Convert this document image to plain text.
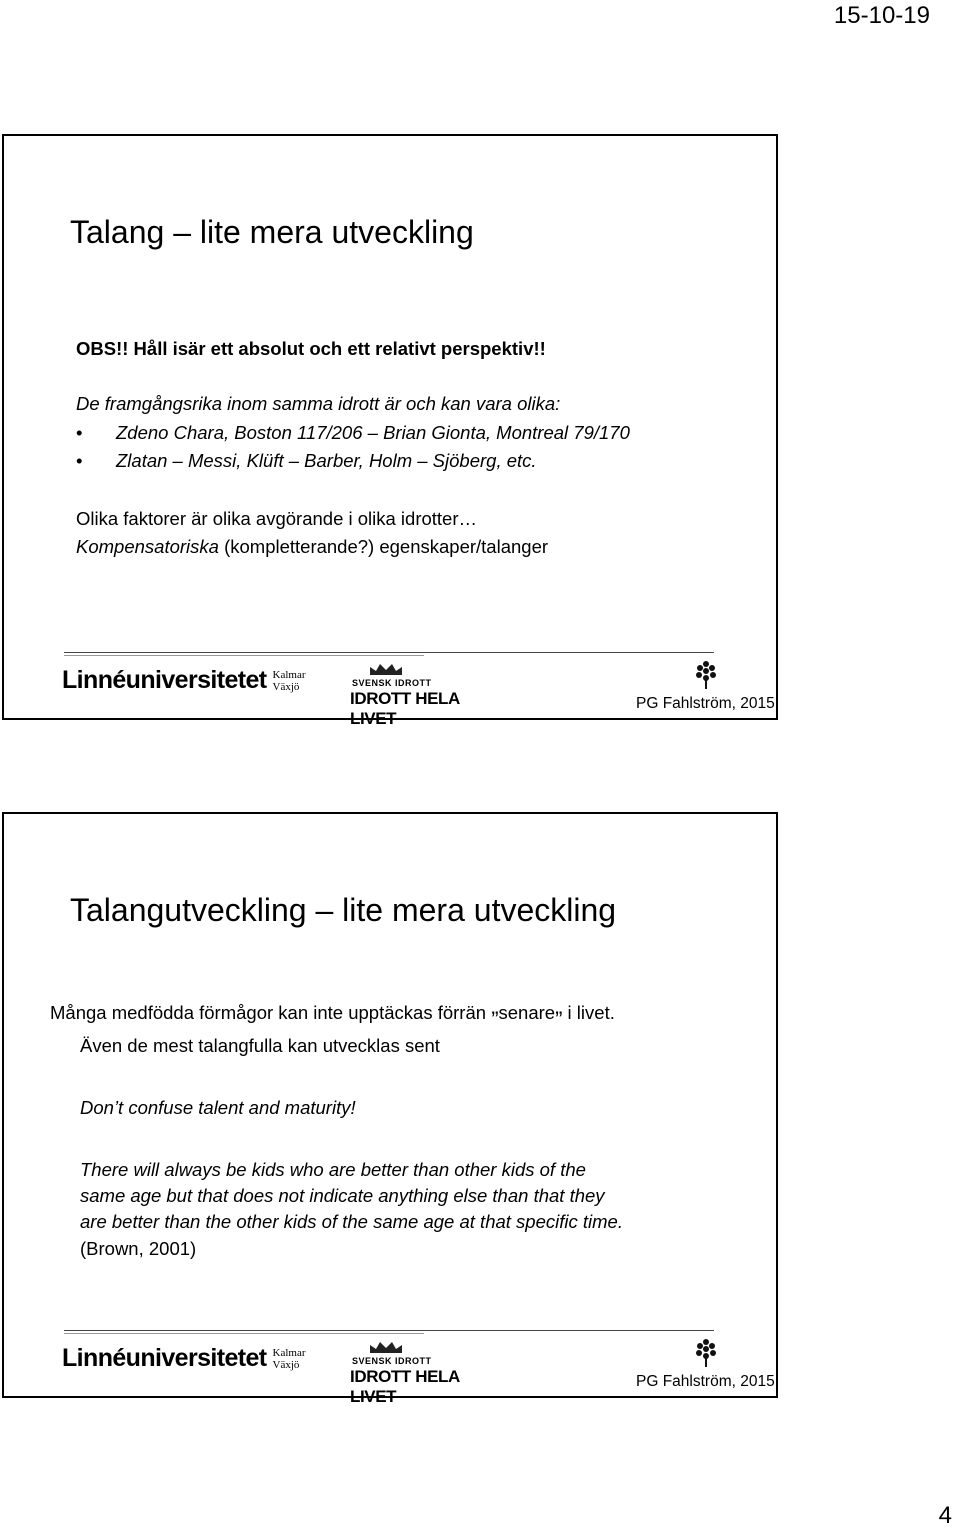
15-10-19
Talang – lite mera utveckling
OBS!! Håll isär ett absolut och ett relativt perspektiv!!
De framgångsrika inom samma idrott är och kan vara olika:
• Zdeno Chara, Boston 117/206 – Brian Gionta, Montreal 79/170
• Zlatan – Messi, Klüft – Barber, Holm – Sjöberg, etc.
Olika faktorer är olika avgörande i olika idrotter…
Kompensatoriska (kompletterande?) egenskaper/talanger
Linnéuniversitetet Kalmar
Växjö	SVENSK IDROTT
IDROTT HELA LIVET
PG Fahlström, 2015
Talangutveckling – lite mera utveckling
Många medfödda förmågor kan inte upptäckas förrän ”senare” i livet.
Även de mest talangfulla kan utvecklas sent
Don’t confuse talent and maturity!
There will always be kids who are better than other kids of the
same age but that does not indicate anything else than that they
are better than the other kids of the same age at that specific time.
(Brown, 2001)
Linnéuniversitetet Kalmar
Växjö	SVENSK IDROTT
IDROTT HELA LIVET
PG Fahlström, 2015
4
